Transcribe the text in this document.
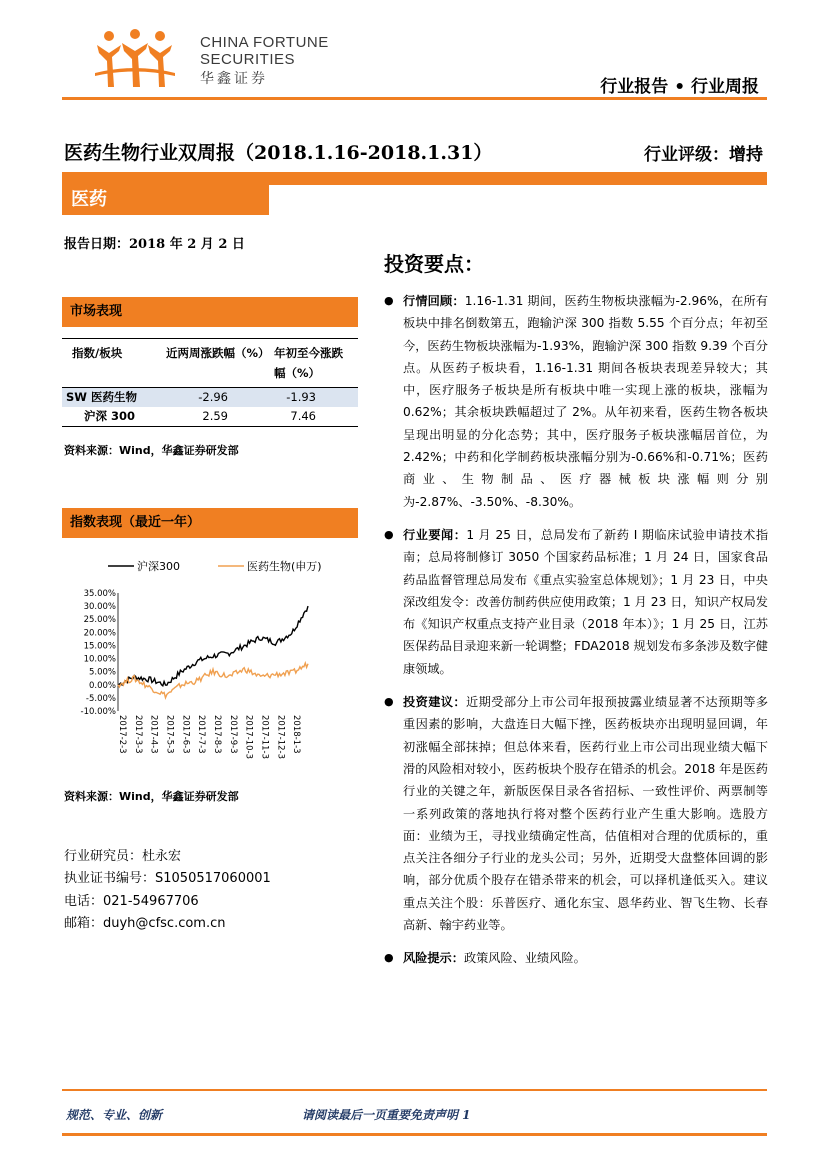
CHINA FORTUNE
SECURITIES
华鑫证券	行业报告 • 行业周报
医药生物行业双周报（2018.1.16-2018.1.31）	行业评级：增持
医药
报告日期：2018 年 2 月 2 日
市场表现
指数/板块	近两周涨跌幅（%）	年初至今涨跌幅（%）
SW 医药生物	-2.96	-1.93
沪深 300	2.59	7.46
资料来源：Wind，华鑫证券研发部
指数表现（最近一年）
沪深300	医药生物(申万)
35.00%
30.00%
25.00%
20.00%
15.00%
10.00%
5.00%
0.00%
-5.00%
-10.00%
2017-2-3 2017-3-3 2017-4-3 2017-5-3 2017-6-3 2017-7-3 2017-8-3 2017-9-3 2017-10-3 2017-11-3 2017-12-3 2018-1-3
资料来源：Wind，华鑫证券研发部
行业研究员：杜永宏
执业证书编号：S1050517060001
电话：021-54967706
邮箱：duyh@cfsc.com.cn
投资要点：
● 行情回顾：1.16-1.31 期间，医药生物板块涨幅为-2.96%，在所有板块中排名倒数第五，跑输沪深 300 指数 5.55 个百分点；年初至今，医药生物板块涨幅为-1.93%，跑输沪深 300 指数 9.39 个百分点。从医药子板块看，1.16-1.31 期间各板块表现差异较大；其中，医疗服务子板块是所有板块中唯一实现上涨的板块，涨幅为 0.62%；其余板块跌幅超过了 2%。从年初来看，医药生物各板块呈现出明显的分化态势；其中，医疗服务子板块涨幅居首位，为 2.42%；中药和化学制药板块涨幅分别为-0.66%和-0.71%；医药商业、生物制品、医疗器械板块涨幅则分别为-2.87%、-3.50%、-8.30%。
● 行业要闻：1 月 25 日，总局发布了新药 I 期临床试验申请技术指南；总局将制修订 3050 个国家药品标准；1 月 24 日，国家食品药品监督管理总局发布《重点实验室总体规划》；1 月 23 日，中央深改组发令：改善仿制药供应使用政策；1 月 23 日，知识产权局发布《知识产权重点支持产业目录（2018 年本）》；1 月 25 日，江苏医保药品目录迎来新一轮调整；FDA2018 规划发布多条涉及数字健康领域。
● 投资建议：近期受部分上市公司年报预披露业绩显著不达预期等多重因素的影响，大盘连日大幅下挫，医药板块亦出现明显回调，年初涨幅全部抹掉；但总体来看，医药行业上市公司出现业绩大幅下滑的风险相对较小，医药板块个股存在错杀的机会。2018 年是医药行业的关键之年，新版医保目录各省招标、一致性评价、两票制等一系列政策的落地执行将对整个医药行业产生重大影响。选股方面：业绩为王，寻找业绩确定性高，估值相对合理的优质标的，重点关注各细分子行业的龙头公司；另外，近期受大盘整体回调的影响，部分优质个股存在错杀带来的机会，可以择机逢低买入。建议重点关注个股：乐普医疗、通化东宝、恩华药业、智飞生物、长春高新、翰宇药业等。
● 风险提示：政策风险、业绩风险。
规范、专业、创新	请阅读最后一页重要免责声明 1
